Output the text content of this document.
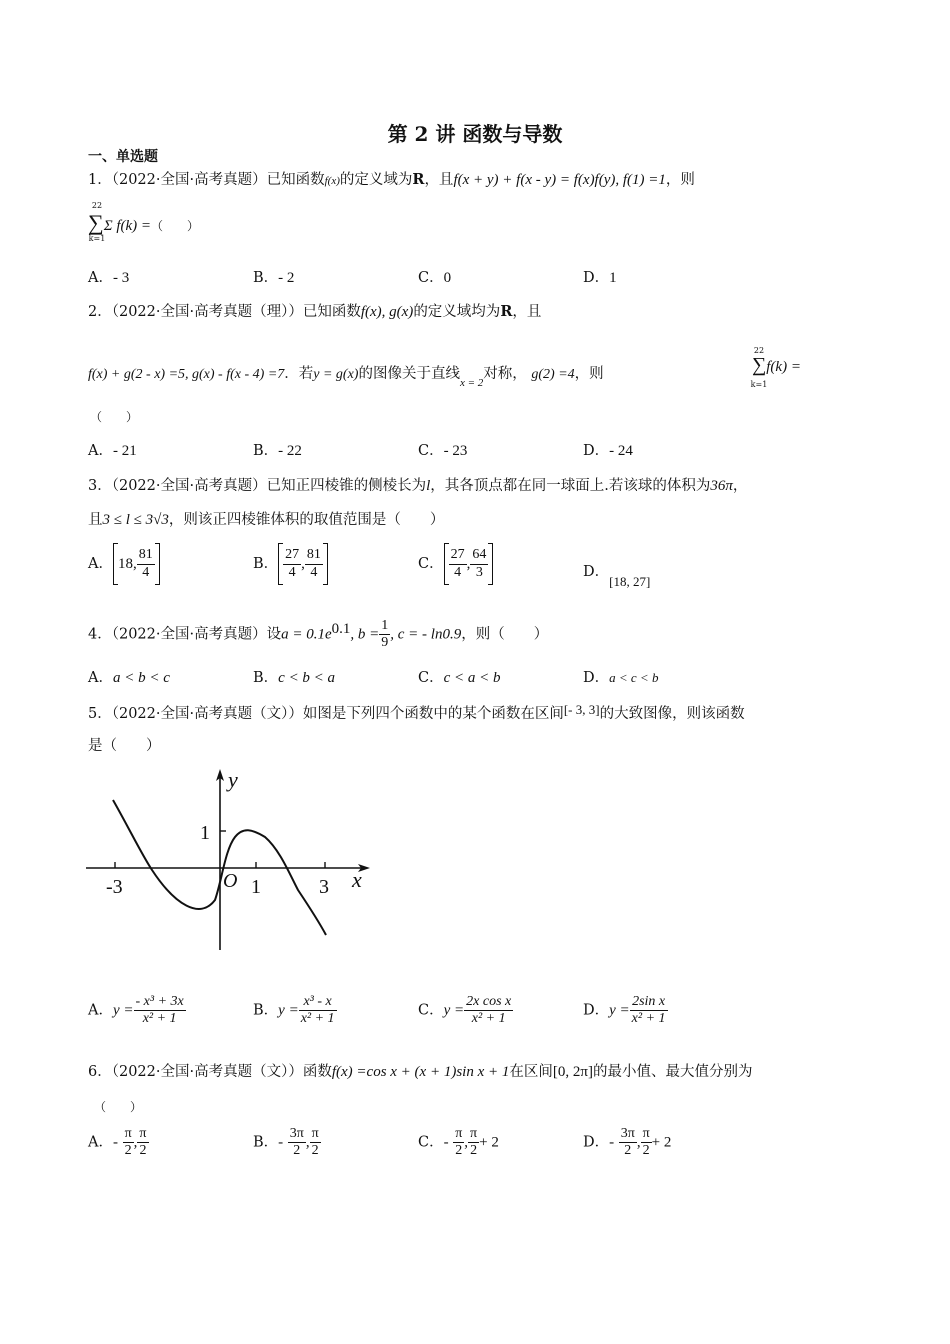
第 2 讲 函数与导数
一、单选题
1．（2022·全国·高考真题）已知函数f(x)的定义域为R，且f(x + y) + f(x - y) = f(x)f(y), f(1) =1，则
22
k=1
∑Σ f(k) =（　　）
A．- 3	B．- 2	C．0	D．1
2．（2022·全国·高考真题（理））已知函数f(x), g(x)的定义域均为R，且
f(x) + g(2 - x) =5, g(x) - f(x - 4) =7．若y = g(x)的图像关于直线$_{x = 2}$对称， g(2) =4，则
22
k=1
∑f(k) =
（　　）
A．- 21	B．- 22	C．- 23	D．- 24
3．（2022·全国·高考真题）已知正四棱锥的侧棱长为l，其各顶点都在同一球面上.若该球的体积为36π，
且3 ≤ l ≤ 3√3，则该正四棱锥体积的取值范围是（　　）
A． 18, $\frac{81}{4}$	B． $\frac{27}{4}$ , $\frac{81}{4}$	C． $\frac{27}{4}$ , $\frac{64}{3}$	D．[18, 27]
4．（2022·全国·高考真题）设$a = 0.1e^{0.1}$, $b = \frac{1}{9}$ , c = - ln0.9，则（　　）
A．a < b < c	B．c < b < a	C．c < a < b	D．a < c < b
5．（2022·全国·高考真题（文））如图是下列四个函数中的某个函数在区间[- 3, 3]的大致图像，则该函数
是（　　）
y
x
O
1
-3	1	3
A．$y = \frac{\text{- x³ + 3x}}{\text{x² + 1}}$	B．$y = \frac{\text{x³ - x}}{\text{x² + 1}}$	C．$y = \frac{\text{2x cos x}}{\text{x² + 1}}$	D．$y = \frac{\text{2sin x}}{\text{x² + 1}}$
6．（2022·全国·高考真题（文））函数f(x) =cos x + (x + 1)sin x + 1在区间[0, 2π]的最小值、最大值分别为
（　　）
A．- $\frac{\pi}{2}$ , $\frac{\pi}{2}$	B．- $\frac{3\pi}{2}$ , $\frac{\pi}{2}$	C．- $\frac{\pi}{2}$ , $\frac{\pi}{2} + 2$	D．- $\frac{3\pi}{2}$ , $\frac{\pi}{2} + 2$
